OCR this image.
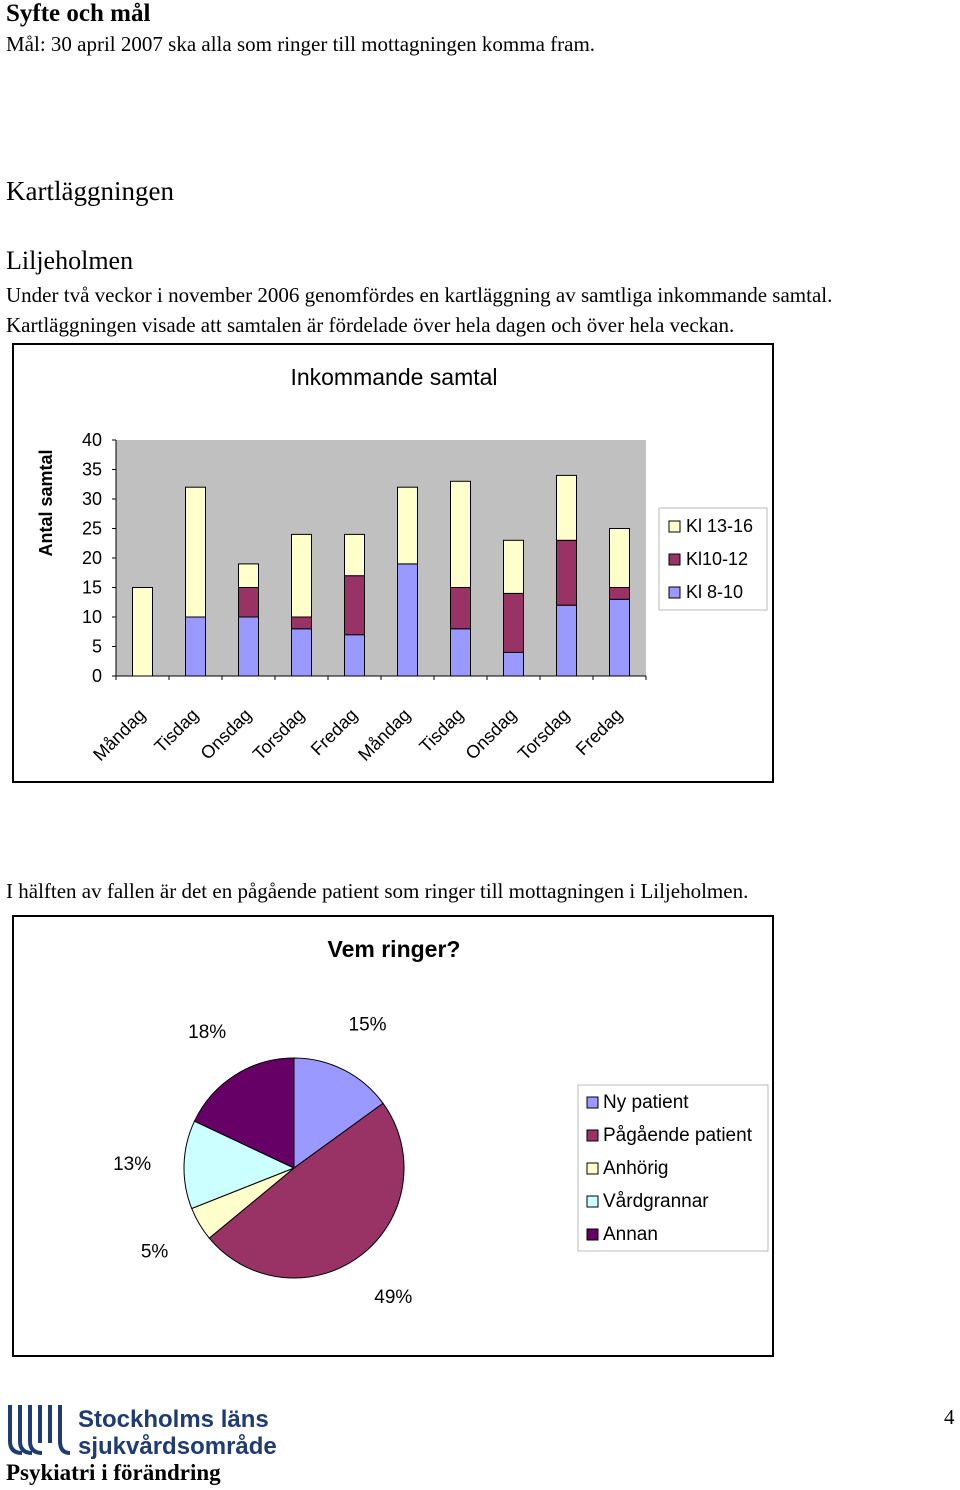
Syfte och mål
Mål: 30 april 2007 ska alla som ringer till mottagningen komma fram.
Kartläggningen
Liljeholmen
Under två veckor i november 2006 genomfördes en kartläggning av samtliga inkommande samtal. Kartläggningen visade att samtalen är fördelade över hela dagen och över hela veckan.
Inkommande samtal
Antal samtal
0
5
10
15
20
25
30
35
40
Måndag Tisdag
Onsdag
Torsdag
Fredag
Måndag Tisdag
Onsdag
Torsdag
Fredag
Kl 13-16
Kl10-12
Kl 8-10
I hälften av fallen är det en pågående patient som ringer till mottagningen i Liljeholmen.
Vem ringer?
15%
49%
5%
13%
18%
Ny patient
Pågående patient
Anhörig
Vårdgrannar
Annan
Stockholms läns
sjukvårdsområde
Psykiatri i förändring
4
